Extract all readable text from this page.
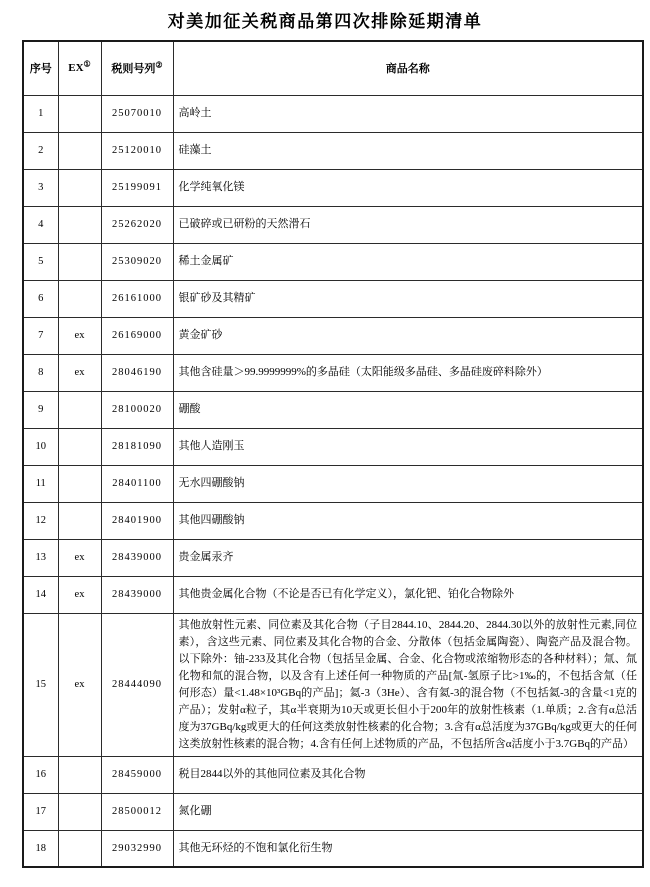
对美加征关税商品第四次排除延期清单
序号	EX①	税则号列②	商品名称
1		25070010	高岭土
2		25120010	硅藻土
3		25199091	化学纯氧化镁
4		25262020	已破碎或已研粉的天然滑石
5		25309020	稀土金属矿
6		26161000	银矿砂及其精矿
7	ex	26169000	黄金矿砂
8	ex	28046190	其他含硅量＞99.9999999%的多晶硅（太阳能级多晶硅、多晶硅废碎料除外）
9		28100020	硼酸
10		28181090	其他人造刚玉
11		28401100	无水四硼酸钠
12		28401900	其他四硼酸钠
13	ex	28439000	贵金属汞齐
14	ex	28439000	其他贵金属化合物（不论是否已有化学定义），氯化钯、铂化合物除外
15	ex	28444090	其他放射性元素、同位素及其化合物（子目2844.10、2844.20、2844.30以外的放射性元素,同位素），含这些元素、同位素及其化合物的合金、分散体（包括金属陶瓷）、陶瓷产品及混合物。以下除外：铀-233及其化合物（包括呈金属、合金、化合物或浓缩物形态的各种材料）；氚、氚化物和氚的混合物，以及含有上述任何一种物质的产品[氚-氢原子比>1‰的，不包括含氚（任何形态）量<1.48×10³GBq的产品]；氦-3（3He）、含有氦-3的混合物（不包括氦-3的含量<1克的产品）；发射α粒子，其α半衰期为10天或更长但小于200年的放射性核素（1.单质；2.含有α总活度为37GBq/kg或更大的任何这类放射性核素的化合物；3.含有α总活度为37GBq/kg或更大的任何这类放射性核素的混合物；4.含有任何上述物质的产品，不包括所含α活度小于3.7GBq的产品）
16		28459000	税目2844以外的其他同位素及其化合物
17		28500012	氮化硼
18		29032990	其他无环烃的不饱和氯化衍生物
